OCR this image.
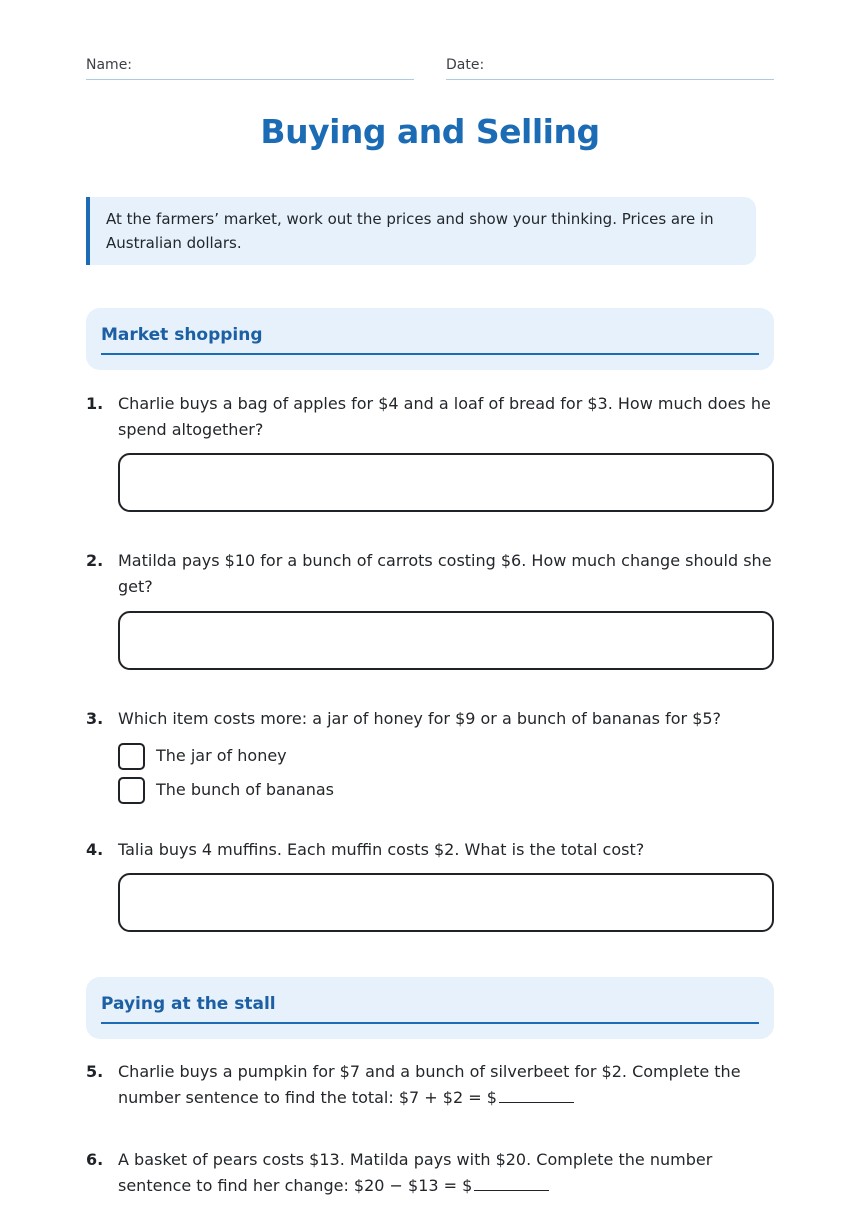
Name:	Date:
Buying and Selling
At the farmers’ market, work out the prices and show your thinking. Prices are in Australian dollars.
Market shopping
1. Charlie buys a bag of apples for $4 and a loaf of bread for $3. How much does he spend altogether?
2. Matilda pays $10 for a bunch of carrots costing $6. How much change should she get?
3. Which item costs more: a jar of honey for $9 or a bunch of bananas for $5?
The jar of honey
The bunch of bananas
4. Talia buys 4 muffins. Each muffin costs $2. What is the total cost?
Paying at the stall
5. Charlie buys a pumpkin for $7 and a bunch of silverbeet for $2. Complete the
number sentence to find the total: $7 + $2 = $
6. A basket of pears costs $13. Matilda pays with $20. Complete the number
sentence to find her change: $20 − $13 = $
